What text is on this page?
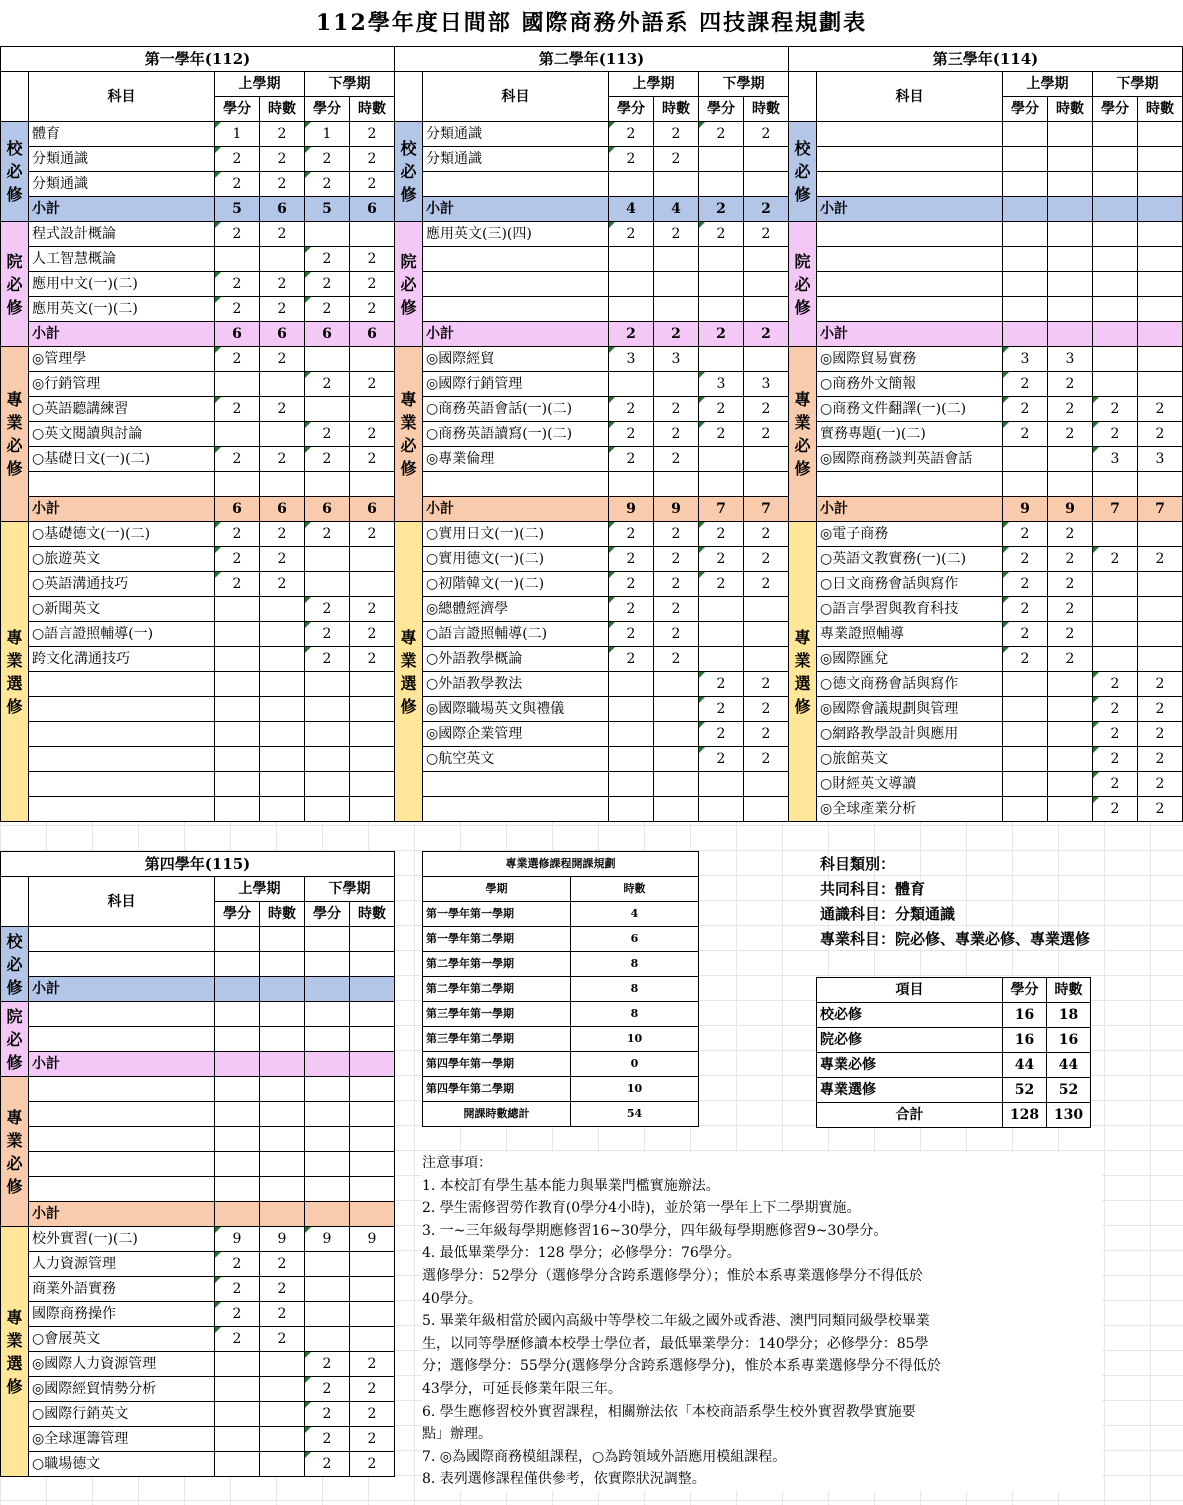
112學年度日間部 國際商務外語系 四技課程規劃表
第一學年(112)					
	科目	上學期		下學期	
		學分	時數	學分	時數

校
必
修	體育	1	2	1	2
	分類通識	2	2	2	2
	分類通識	2	2	2	2
	小計	5	6	5	6

院
必
修	程式設計概論	2	2		
	人工智慧概論			2	2
	應用中文(一)(二)	2	2	2	2
	應用英文(一)(二)	2	2	2	2
	小計	6	6	6	6

專
業
必
修	◎管理學	2	2		
	◎行銷管理			2	2
	○英語聽講練習	2	2		
	○英文閱讀與討論			2	2
	○基礎日文(一)(二)	2	2	2	2

	小計	6	6	6	6

專
業
選
修	○基礎德文(一)(二)	2	2	2	2
	○旅遊英文	2	2		
	○英語溝通技巧	2	2		
	○新聞英文			2	2
	○語言證照輔導(一)			2	2
	跨文化溝通技巧			2	2

第二學年(113)					
	科目	上學期		下學期	
		學分	時數	學分	時數

校
必
修	分類通識	2	2	2	2
	分類通識	2	2		

	小計	4	4	2	2

院
必
修	應用英文(三)(四)	2	2	2	2

	小計	2	2	2	2

專
業
必
修	◎國際經貿	3	3		
	◎國際行銷管理			3	3
	○商務英語會話(一)(二)	2	2	2	2
	○商務英語讀寫(一)(二)	2	2	2	2
	◎專業倫理	2	2		

	小計	9	9	7	7

專
業
選
修	○實用日文(一)(二)	2	2	2	2
	○實用德文(一)(二)	2	2	2	2
	○初階韓文(一)(二)	2	2	2	2
	◎總體經濟學	2	2		
	○語言證照輔導(二)	2	2		
	○外語教學概論	2	2		
	○外語教學教法			2	2
	◎國際職場英文與禮儀			2	2
	◎國際企業管理			2	2
	○航空英文			2	2

第三學年(114)					
	科目	上學期		下學期	
		學分	時數	學分	時數

校
必
修					

	小計				

院
必
修					

	小計				

專
業
必
修	◎國際貿易實務	3	3		
	○商務外文簡報	2	2		
	○商務文件翻譯(一)(二)	2	2	2	2
	實務專題(一)(二)	2	2	2	2
	◎國際商務談判英語會話			3	3

	小計	9	9	7	7

專
業
選
修	◎電子商務	2	2		
	○英語文教實務(一)(二)	2	2	2	2
	○日文商務會話與寫作	2	2		
	○語言學習與教育科技	2	2		
	專業證照輔導	2	2		
	◎國際匯兌	2	2		
	○德文商務會話與寫作			2	2
	◎國際會議規劃與管理			2	2
	○網路教學設計與應用			2	2
	○旅館英文			2	2
	○財經英文導讀			2	2
	◎全球產業分析			2	2
第四學年(115)					
	科目	上學期		下學期	
		學分	時數	學分	時數

校
必
修					

	小計				

院
必
修					

	小計				

專
業
必
修					

	小計				

專
業
選
修	校外實習(一)(二)	9	9	9	9
	人力資源管理	2	2		
	商業外語實務	2	2		
	國際商務操作	2	2		
	○會展英文	2	2		
	◎國際人力資源管理			2	2
	◎國際經貿情勢分析			2	2
	○國際行銷英文			2	2
	◎全球運籌管理			2	2
	○職場德文			2	2
專業選修課程開課規劃	
學期	時數
第一學年第一學期	4
第一學年第二學期	6
第二學年第一學期	8
第二學年第二學期	8
第三學年第一學期	8
第三學年第二學期	10
第四學年第一學期	0
第四學年第二學期	10
開課時數總計	54
科目類別：
共同科目：體育
通識科目：分類通識
專業科目：院必修、專業必修、專業選修
項目	學分	時數
校必修	16	18
院必修	16	16
專業必修	44	44
專業選修	52	52
合計	128	130
注意事項：
1. 本校訂有學生基本能力與畢業門檻實施辦法。
2. 學生需修習勞作教育(0學分4小時)，並於第一學年上下二學期實施。
3. 一~三年級每學期應修習16~30學分，四年級每學期應修習9~30學分。
4. 最低畢業學分：128 學分；必修學分：76學分。
選修學分：52學分（選修學分含跨系選修學分）；惟於本系專業選修學分不得低於
40學分。
5. 畢業年級相當於國內高級中等學校二年級之國外或香港、澳門同類同級學校畢業
生，以同等學歷修讀本校學士學位者，最低畢業學分：140學分；必修學分：85學
分；選修學分：55學分(選修學分含跨系選修學分)，惟於本系專業選修學分不得低於
43學分，可延長修業年限三年。
6. 學生應修習校外實習課程，相關辦法依「本校商語系學生校外實習教學實施要
點」辦理。
7. ◎為國際商務模組課程，○為跨領域外語應用模組課程。
8. 表列選修課程僅供參考，依實際狀況調整。
